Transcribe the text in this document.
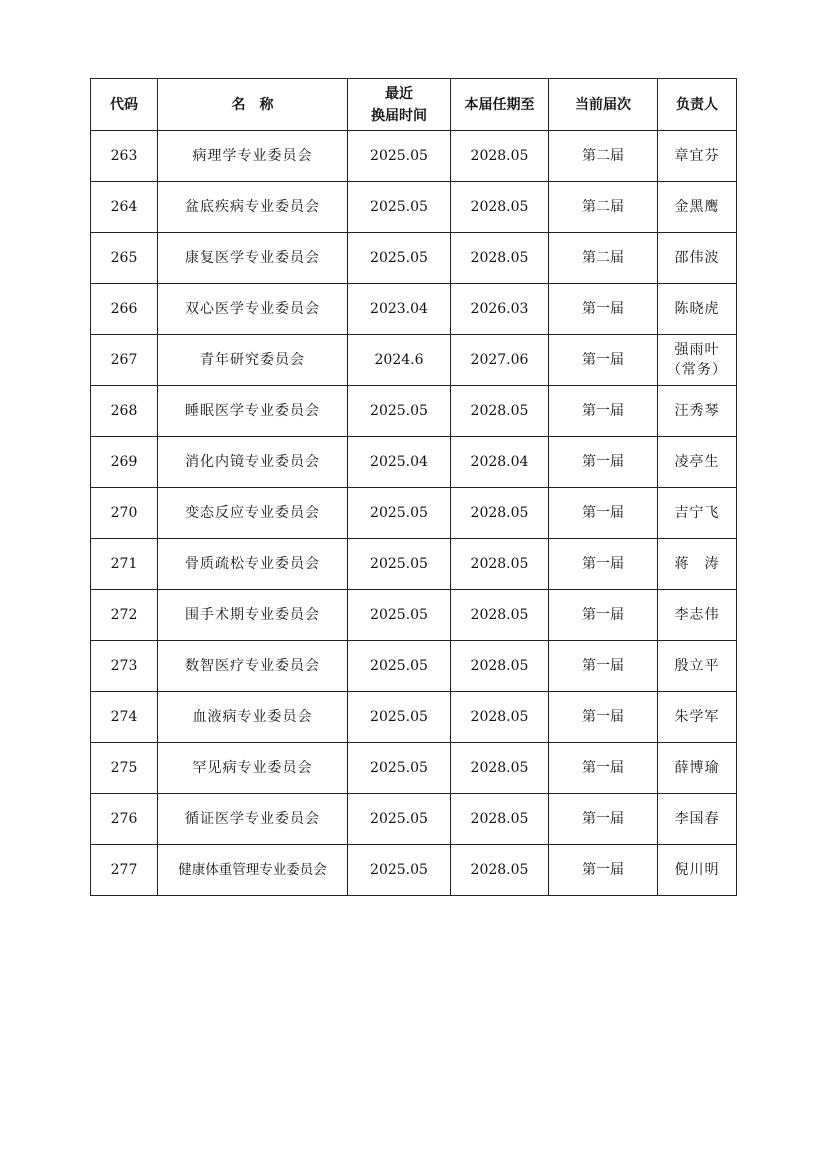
代码	名　称	最近
换届时间	本届任期至	当前届次	负责人
263	病理学专业委员会	2025.05	2028.05	第二届	章宜芬

264	盆底疾病专业委员会	2025.05	2028.05	第二届	金黑鹰

265	康复医学专业委员会	2025.05	2028.05	第二届	邵伟波

266	双心医学专业委员会	2023.04	2026.03	第一届	陈晓虎

267	青年研究委员会	2024.6	2027.06	第一届	强雨叶
（常务）

268	睡眠医学专业委员会	2025.05	2028.05	第一届	汪秀琴

269	消化内镜专业委员会	2025.04	2028.04	第一届	凌亭生

270	变态反应专业委员会	2025.05	2028.05	第一届	吉宁飞

271	骨质疏松专业委员会	2025.05	2028.05	第一届	蒋　涛

272	围手术期专业委员会	2025.05	2028.05	第一届	李志伟

273	数智医疗专业委员会	2025.05	2028.05	第一届	殷立平

274	血液病专业委员会	2025.05	2028.05	第一届	朱学军

275	罕见病专业委员会	2025.05	2028.05	第一届	薛博瑜

276	循证医学专业委员会	2025.05	2028.05	第一届	李国春

277	健康体重管理专业委员会	2025.05	2028.05	第一届	倪川明
